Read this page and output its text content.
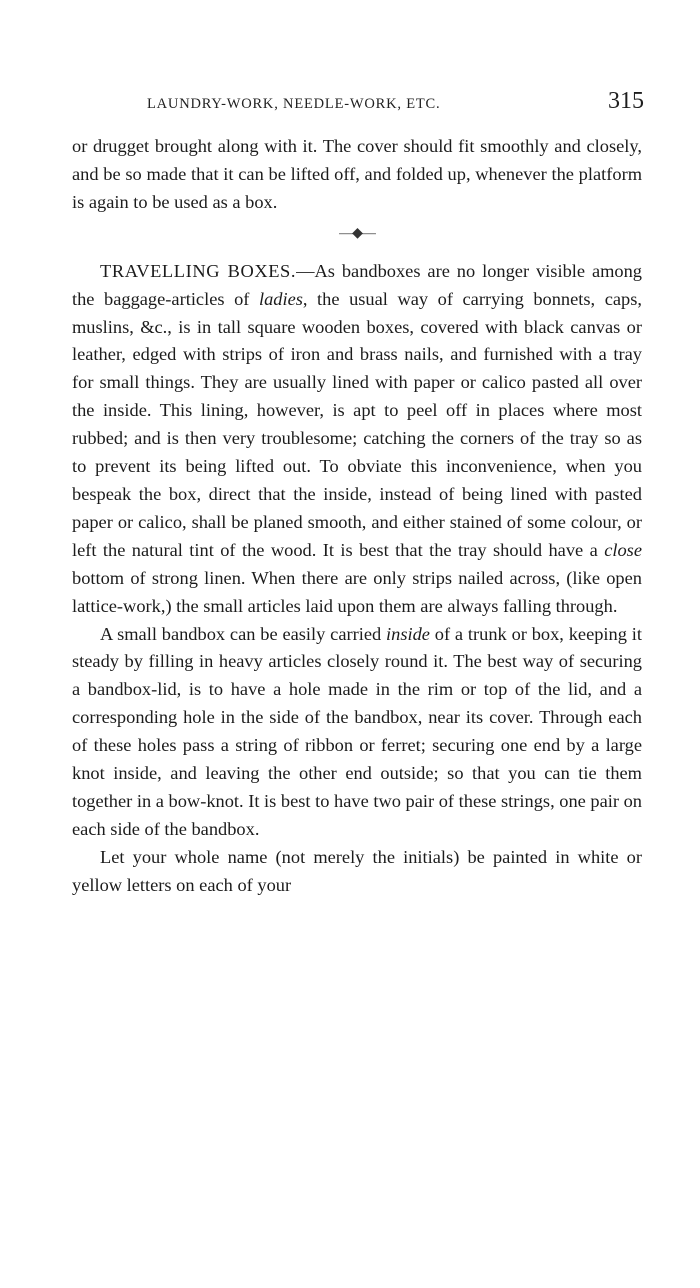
LAUNDRY-WORK, NEEDLE-WORK, ETC.	315

or drugget brought along with it. The cover should fit smoothly and closely, and be so made that it can be lifted off, and folded up, whenever the platform is again to be used as a box.

—◆—

TRAVELLING BOXES.—As bandboxes are no longer visible among the baggage-articles of ladies, the usual way of carrying bonnets, caps, muslins, &c., is in tall square wooden boxes, covered with black canvas or leather, edged with strips of iron and brass nails, and furnished with a tray for small things. They are usually lined with paper or calico pasted all over the inside. This lining, however, is apt to peel off in places where most rubbed; and is then very troublesome; catching the corners of the tray so as to prevent its being lifted out. To obviate this inconvenience, when you bespeak the box, direct that the inside, instead of being lined with pasted paper or calico, shall be planed smooth, and either stained of some colour, or left the natural tint of the wood. It is best that the tray should have a close bottom of strong linen. When there are only strips nailed across, (like open lattice-work,) the small articles laid upon them are always falling through.

A small bandbox can be easily carried inside of a trunk or box, keeping it steady by filling in heavy articles closely round it. The best way of securing a bandbox-lid, is to have a hole made in the rim or top of the lid, and a corresponding hole in the side of the bandbox, near its cover. Through each of these holes pass a string of ribbon or ferret; securing one end by a large knot inside, and leaving the other end outside; so that you can tie them together in a bow-knot. It is best to have two pair of these strings, one pair on each side of the bandbox.

Let your whole name (not merely the initials) be painted in white or yellow letters on each of your
